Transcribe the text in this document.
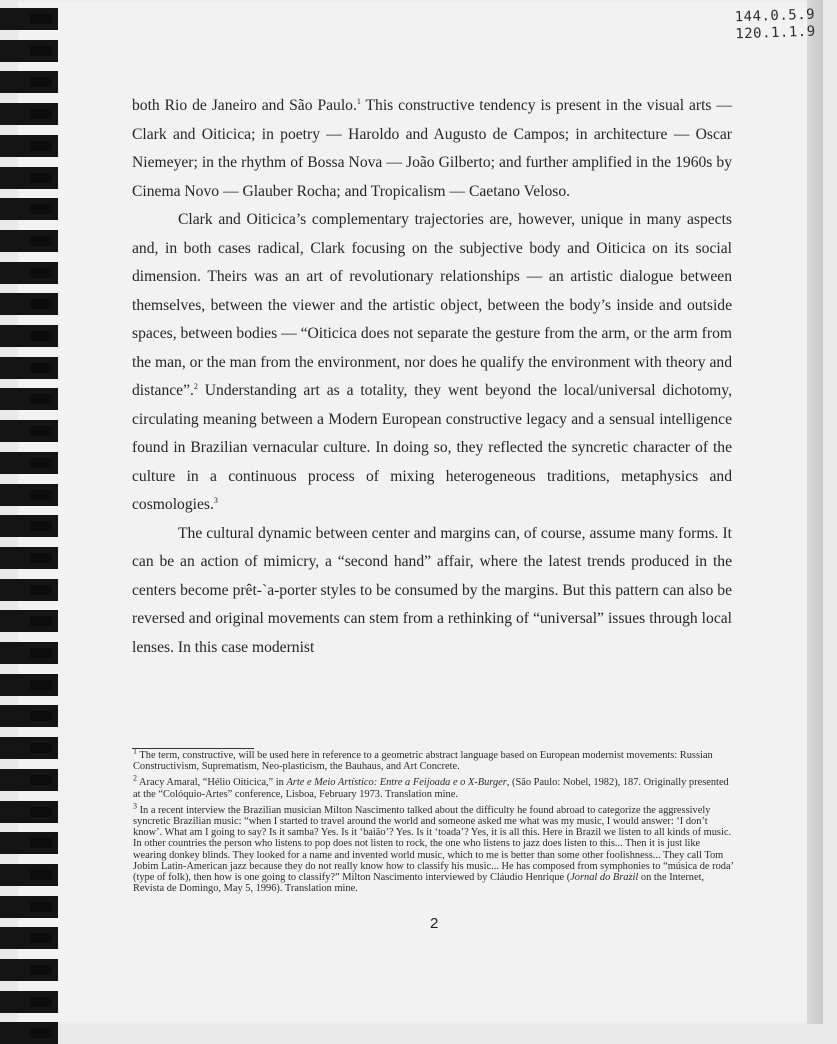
144.0.5.9
120.1.1.9

both Rio de Janeiro and São Paulo.$^1$ This constructive tendency is present in the visual arts — Clark and Oiticica; in poetry — Haroldo and Augusto de Campos; in architecture — Oscar Niemeyer; in the rhythm of Bossa Nova — João Gilberto; and further amplified in the 1960s by Cinema Novo — Glauber Rocha; and Tropicalism — Caetano Veloso.

Clark and Oiticica’s complementary trajectories are, however, unique in many aspects and, in both cases radical, Clark focusing on the subjective body and Oiticica on its social dimension. Theirs was an art of revolutionary relationships — an artistic dialogue between themselves, between the viewer and the artistic object, between the body’s inside and outside spaces, between bodies — “Oiticica does not separate the gesture from the arm, or the arm from the man, or the man from the environment, nor does he qualify the environment with theory and distance”.$^2$ Understanding art as a totality, they went beyond the local/universal dichotomy, circulating meaning between a Modern European constructive legacy and a sensual intelligence found in Brazilian vernacular culture. In doing so, they reflected the syncretic character of the culture in a continuous process of mixing heterogeneous traditions, metaphysics and cosmologies.$^3$

The cultural dynamic between center and margins can, of course, assume many forms. It can be an action of mimicry, a “second hand” affair, where the latest trends produced in the centers become prêt-`a-porter styles to be consumed by the margins. But this pattern can also be reversed and original movements can stem from a rethinking of “universal” issues through local lenses. In this case modernist

$^1$ The term, constructive, will be used here in reference to a geometric abstract language based on European modernist movements: Russian Constructivism, Suprematism, Neo-plasticism, the Bauhaus, and Art Concrete.

$^2$ Aracy Amaral, “Hélio Oiticica,” in Arte e Meio Artístico: Entre a Feijoada e o X-Burger, (São Paulo: Nobel, 1982), 187. Originally presented at the “Colóquio-Artes” conference, Lisboa, February 1973. Translation mine.

$^3$ In a recent interview the Brazilian musician Milton Nascimento talked about the difficulty he found abroad to categorize the aggressively syncretic Brazilian music: “when I started to travel around the world and someone asked me what was my music, I would answer: ‘I don’t know’. What am I going to say? Is it samba? Yes. Is it ‘baião’? Yes. Is it ‘toada’? Yes, it is all this. Here in Brazil we listen to all kinds of music. In other countries the person who listens to pop does not listen to rock, the one who listens to jazz does listen to this... Then it is just like wearing donkey blinds. They looked for a name and invented world music, which to me is better than some other foolishness... They call Tom Jobim Latin-American jazz because they do not really know how to classify his music... He has composed from symphonies to “música de roda’ (type of folk), then how is one going to classify?” Milton Nascimento interviewed by Cláudio Henrique (Jornal do Brazil on the Internet, Revista de Domingo, May 5, 1996). Translation mine.

2
